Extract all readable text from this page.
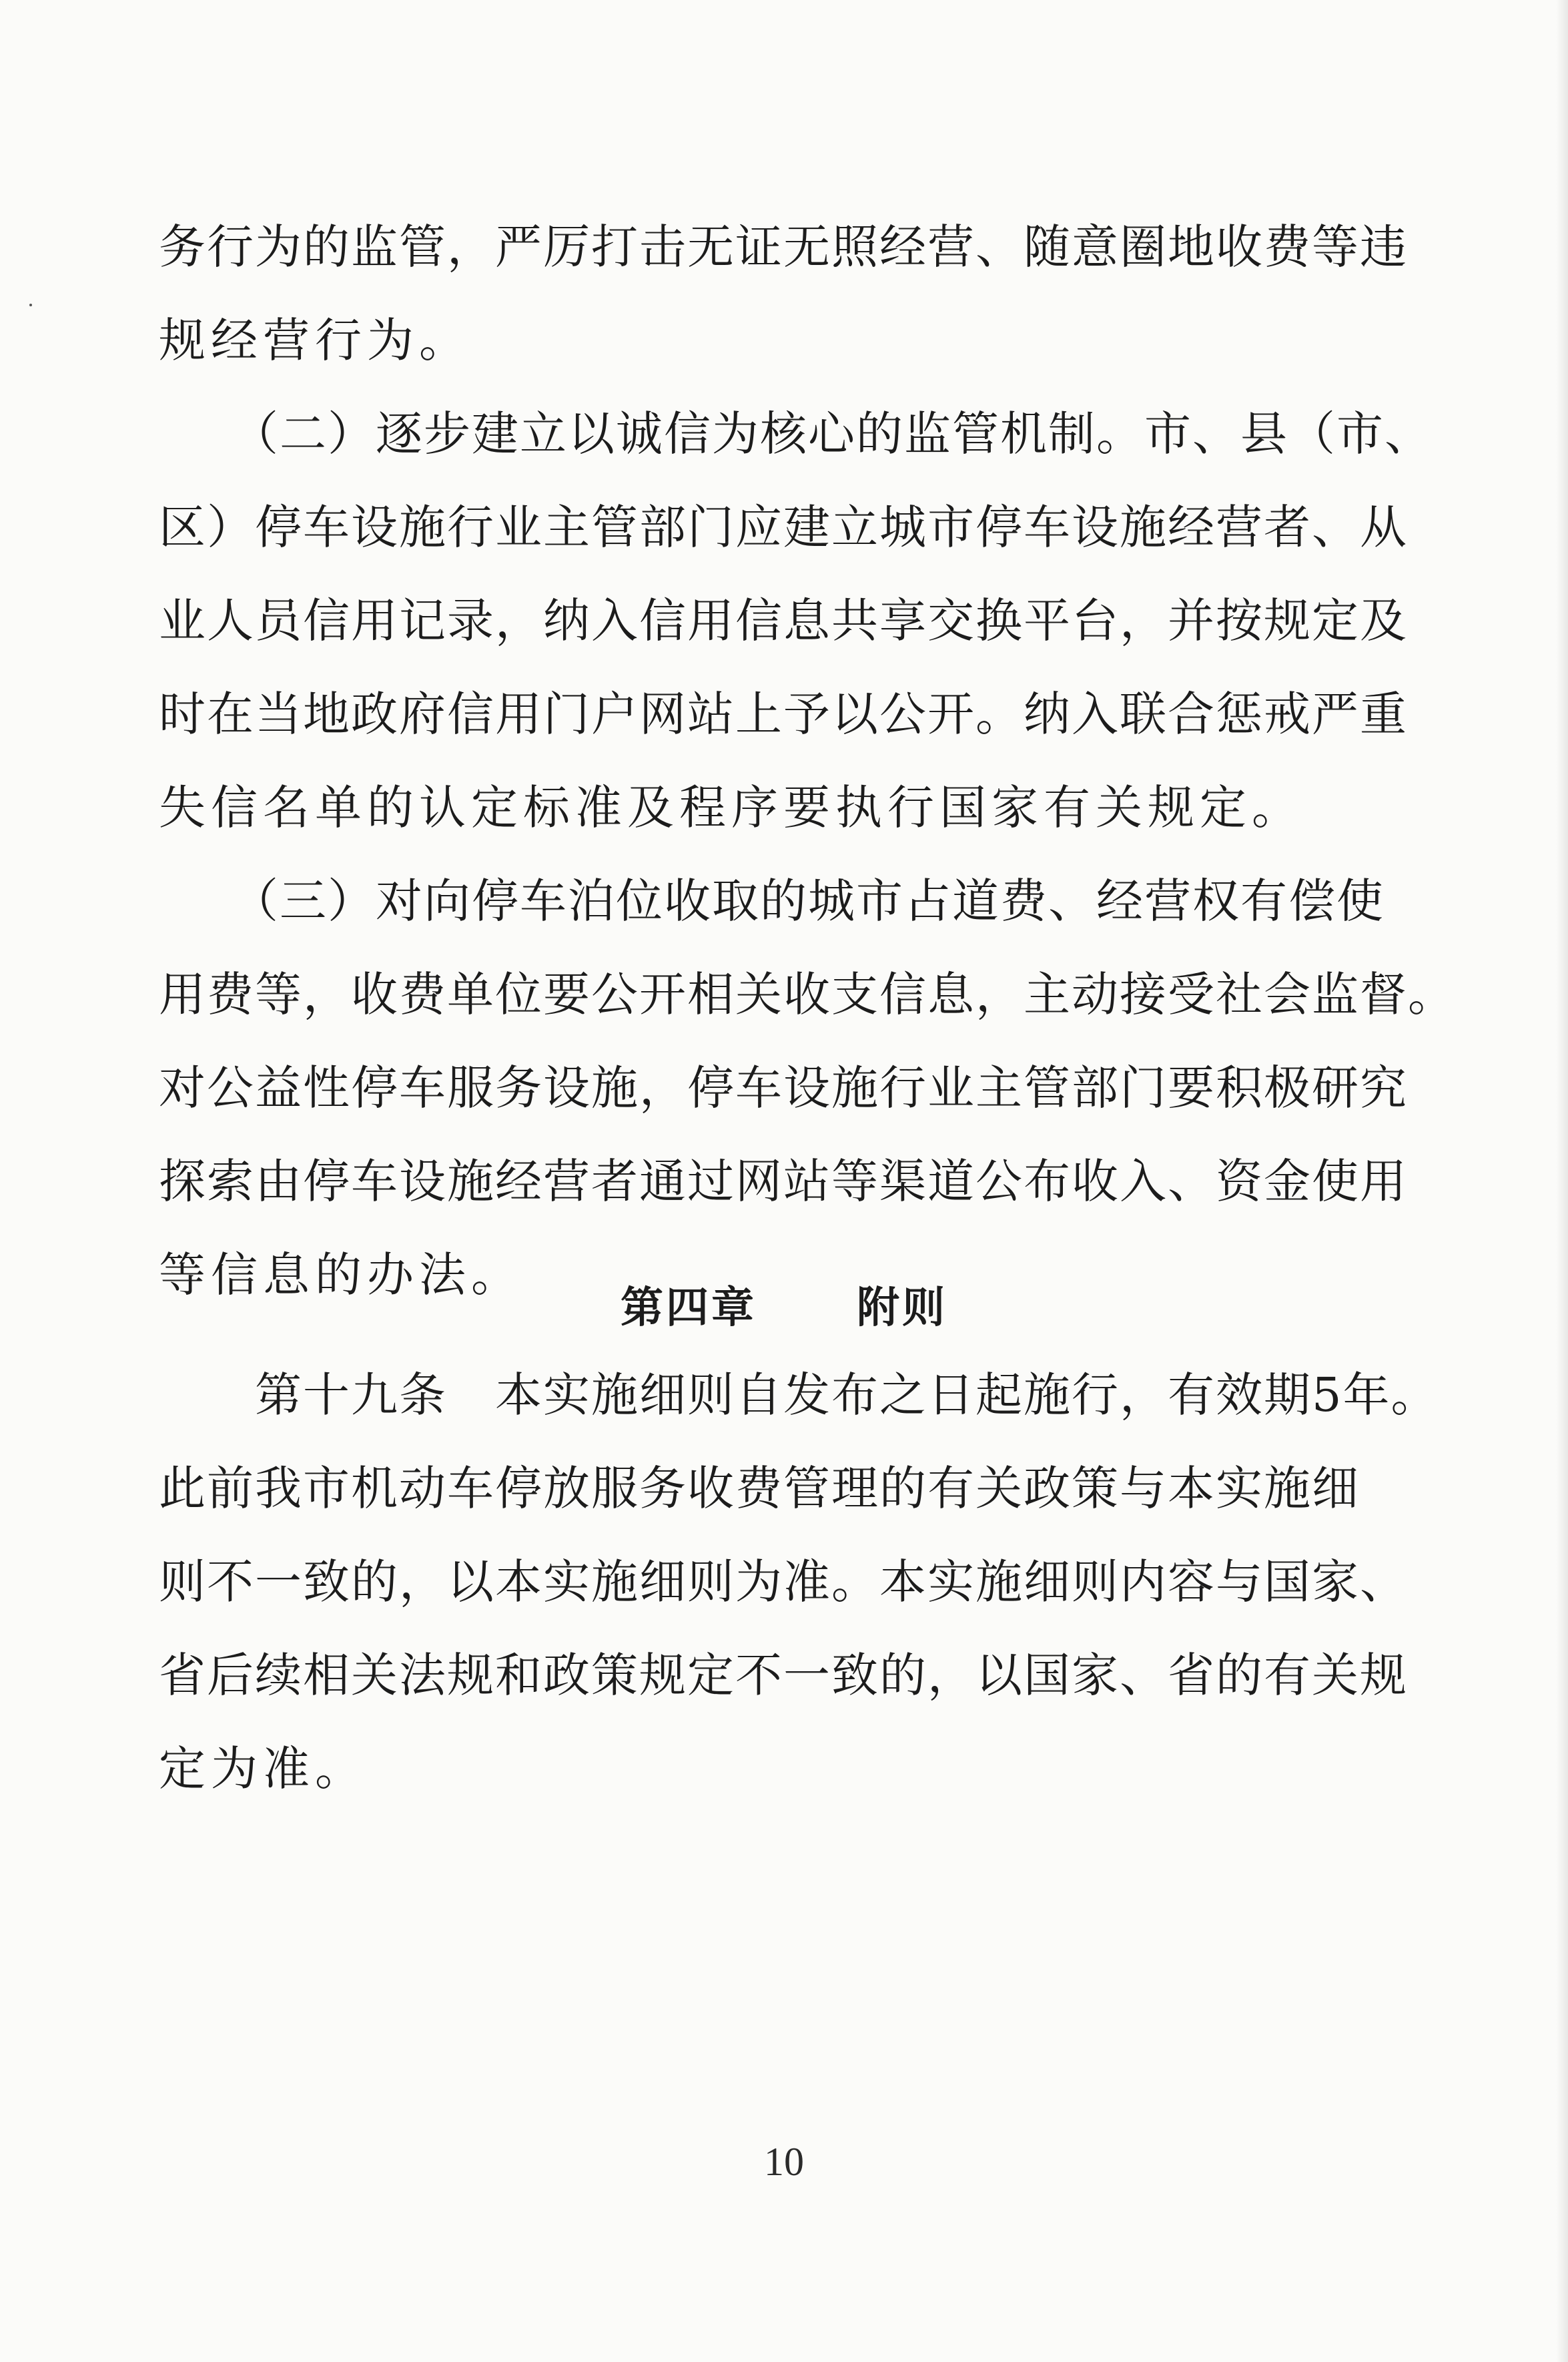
务行为的监管，严厉打击无证无照经营、随意圈地收费等违
规经营行为。
　　（二）逐步建立以诚信为核心的监管机制。市、县（市、
区）停车设施行业主管部门应建立城市停车设施经营者、从
业人员信用记录，纳入信用信息共享交换平台，并按规定及
时在当地政府信用门户网站上予以公开。纳入联合惩戒严重
失信名单的认定标准及程序要执行国家有关规定。
　　（三）对向停车泊位收取的城市占道费、经营权有偿使
用费等，收费单位要公开相关收支信息，主动接受社会监督。
对公益性停车服务设施，停车设施行业主管部门要积极研究
探索由停车设施经营者通过网站等渠道公布收入、资金使用
等信息的办法。
第四章 附则
　　第十九条　本实施细则自发布之日起施行，有效期5年。
此前我市机动车停放服务收费管理的有关政策与本实施细
则不一致的，以本实施细则为准。本实施细则内容与国家、
省后续相关法规和政策规定不一致的，以国家、省的有关规
定为准。
10
